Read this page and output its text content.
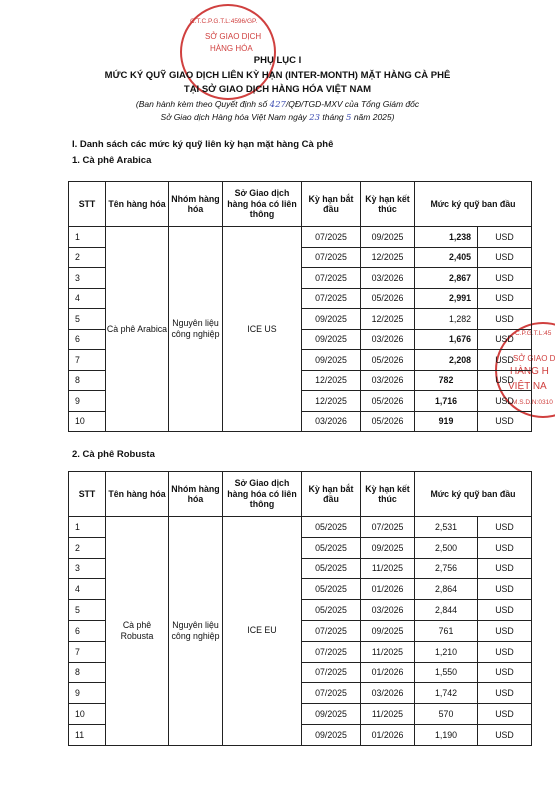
C.T.C.P.G.T.L:4596/GP.
SỞ GIAO DỊCH
HÀNG HÓA
C.P.G.T.L:45
SỞ GIAO D
HÀNG H
VIỆT NA
M.S.D.N:0310
PHỤ LỤC I
MỨC KÝ QUỸ GIAO DỊCH LIÊN KỲ HẠN (INTER-MONTH) MẶT HÀNG CÀ PHÊ
TẠI SỞ GIAO DỊCH HÀNG HÓA VIỆT NAM
(Ban hành kèm theo Quyết định số 427/QĐ/TGD-MXV của Tổng Giám đốc
Sở Giao dịch Hàng hóa Việt Nam ngày 23 tháng 5 năm 2025)
I. Danh sách các mức ký quỹ liên kỳ hạn mặt hàng Cà phê
1. Cà phê Arabica
STT	Tên hàng hóa	Nhóm hàng hóa	Sở Giao dịch hàng hóa có liên thông	Kỳ hạn bắt đầu	Kỳ hạn kết thúc	Mức ký quỹ ban đầu	
1	Cà phê Arabica	Nguyên liệu công nghiệp	ICE US	07/2025	09/2025	1,238	USD
2				07/2025	12/2025	2,405	USD
3				07/2025	03/2026	2,867	USD
4				07/2025	05/2026	2,991	USD
5				09/2025	12/2025	1,282	USD
6				09/2025	03/2026	1,676	USD
7				09/2025	05/2026	2,208	USD
8				12/2025	03/2026	782	USD
9				12/2025	05/2026	1,716	USD
10				03/2026	05/2026	919	USD
2. Cà phê Robusta
STT	Tên hàng hóa	Nhóm hàng hóa	Sở Giao dịch hàng hóa có liên thông	Kỳ hạn bắt đầu	Kỳ hạn kết thúc	Mức ký quỹ ban đầu	
1	Cà phê Robusta	Nguyên liệu công nghiệp	ICE EU	05/2025	07/2025	2,531	USD
2				05/2025	09/2025	2,500	USD
3				05/2025	11/2025	2,756	USD
4				05/2025	01/2026	2,864	USD
5				05/2025	03/2026	2,844	USD
6				07/2025	09/2025	761	USD
7				07/2025	11/2025	1,210	USD
8				07/2025	01/2026	1,550	USD
9				07/2025	03/2026	1,742	USD
10				09/2025	11/2025	570	USD
11				09/2025	01/2026	1,190	USD
